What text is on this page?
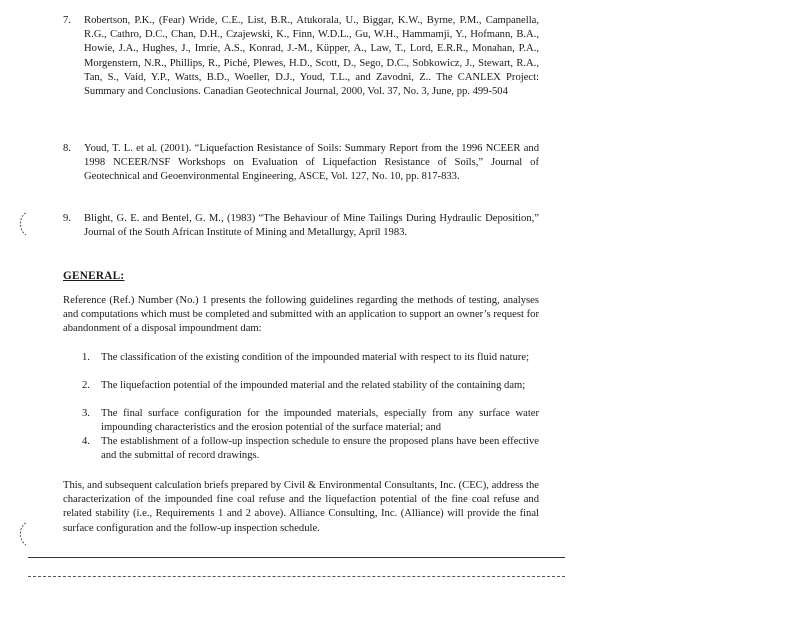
7. Robertson, P.K., (Fear) Wride, C.E., List, B.R., Atukorala, U., Biggar, K.W., Byrne, P.M., Campanella, R.G., Cathro, D.C., Chan, D.H., Czajewski, K., Finn, W.D.L., Gu, W.H., Hammamji, Y., Hofmann, B.A., Howie, J.A., Hughes, J., Imrie, A.S., Konrad, J.-M., Küpper, A., Law, T., Lord, E.R.R., Monahan, P.A., Morgenstern, N.R., Phillips, R., Piché, Plewes, H.D., Scott, D., Sego, D.C., Sobkowicz, J., Stewart, R.A., Tan, S., Vaid, Y.P., Watts, B.D., Woeller, D.J., Youd, T.L., and Zavodni, Z.. The CANLEX Project: Summary and Conclusions. Canadian Geotechnical Journal, 2000, Vol. 37, No. 3, June, pp. 499-504
8. Youd, T. L. et al. (2001). “Liquefaction Resistance of Soils: Summary Report from the 1996 NCEER and 1998 NCEER/NSF Workshops on Evaluation of Liquefaction Resistance of Soils,” Journal of Geotechnical and Geoenvironmental Engineering, ASCE, Vol. 127, No. 10, pp. 817-833.
9. Blight, G. E. and Bentel, G. M., (1983) “The Behaviour of Mine Tailings During Hydraulic Deposition,” Journal of the South African Institute of Mining and Metallurgy, April 1983.
GENERAL:
Reference (Ref.) Number (No.) 1 presents the following guidelines regarding the methods of testing, analyses and computations which must be completed and submitted with an application to support an owner’s request for abandonment of a disposal impoundment dam:
1. The classification of the existing condition of the impounded material with respect to its fluid nature;
2. The liquefaction potential of the impounded material and the related stability of the containing dam;
3. The final surface configuration for the impounded materials, especially from any surface water impounding characteristics and the erosion potential of the surface material; and
4. The establishment of a follow-up inspection schedule to ensure the proposed plans have been effective and the submittal of record drawings.
This, and subsequent calculation briefs prepared by Civil & Environmental Consultants, Inc. (CEC), address the characterization of the impounded fine coal refuse and the liquefaction potential of the fine coal refuse and related stability (i.e., Requirements 1 and 2 above). Alliance Consulting, Inc. (Alliance) will provide the final surface configuration and the follow-up inspection schedule.
